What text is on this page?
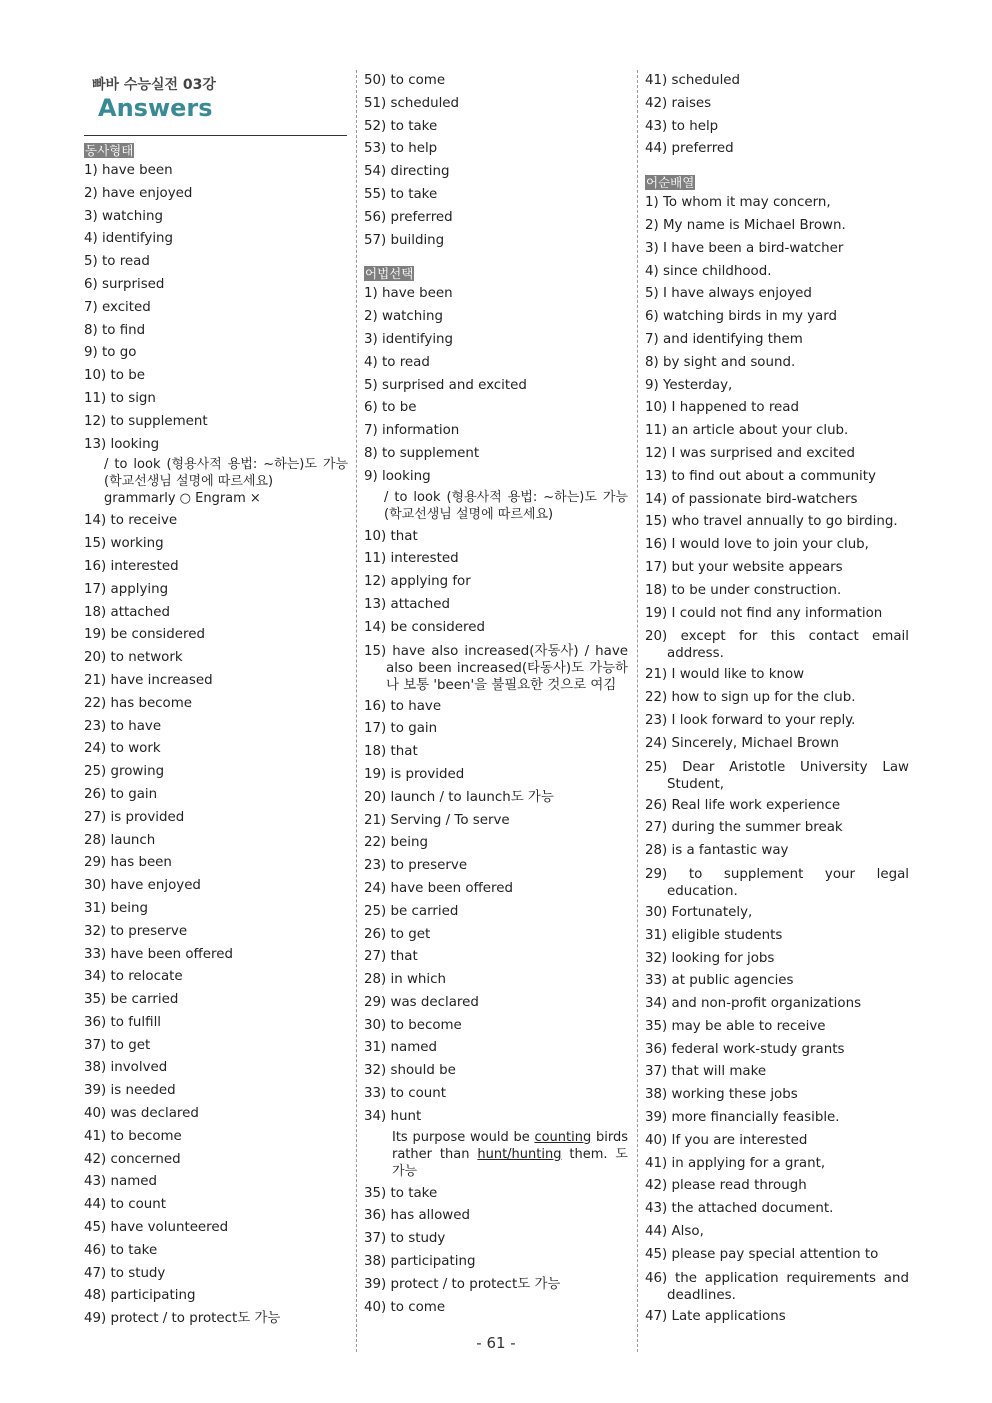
빠바 수능실전 03강
Answers
동사형태
1) have been
2) have enjoyed
3) watching
4) identifying
5) to read
6) surprised
7) excited
8) to find
9) to go
10) to be
11) to sign
12) to supplement
13) looking
/ to look (형용사적 용법: ~하는)도 가능 (학교선생님 설명에 따르세요)
grammarly ○ Engram ×
14) to receive
15) working
16) interested
17) applying
18) attached
19) be considered
20) to network
21) have increased
22) has become
23) to have
24) to work
25) growing
26) to gain
27) is provided
28) launch
29) has been
30) have enjoyed
31) being
32) to preserve
33) have been offered
34) to relocate
35) be carried
36) to fulfill
37) to get
38) involved
39) is needed
40) was declared
41) to become
42) concerned
43) named
44) to count
45) have volunteered
46) to take
47) to study
48) participating
49) protect / to protect도 가능
50) to come
51) scheduled
52) to take
53) to help
54) directing
55) to take
56) preferred
57) building
어법선택
1) have been
2) watching
3) identifying
4) to read
5) surprised and excited
6) to be
7) information
8) to supplement
9) looking
/ to look (형용사적 용법: ~하는)도 가능 (학교선생님 설명에 따르세요)
10) that
11) interested
12) applying for
13) attached
14) be considered
15) have also increased(자동사) / have also been increased(타동사)도 가능하나 보통 'been'을 불필요한 것으로 여김
16) to have
17) to gain
18) that
19) is provided
20) launch / to launch도 가능
21) Serving / To serve
22) being
23) to preserve
24) have been offered
25) be carried
26) to get
27) that
28) in which
29) was declared
30) to become
31) named
32) should be
33) to count
34) hunt
Its purpose would be counting birds rather than hunt/hunting them. 도 가능
35) to take
36) has allowed
37) to study
38) participating
39) protect / to protect도 가능
40) to come
41) scheduled
42) raises
43) to help
44) preferred
어순배열
1) To whom it may concern,
2) My name is Michael Brown.
3) I have been a bird-watcher
4) since childhood.
5) I have always enjoyed
6) watching birds in my yard
7) and identifying them
8) by sight and sound.
9) Yesterday,
10) I happened to read
11) an article about your club.
12) I was surprised and excited
13) to find out about a community
14) of passionate bird-watchers
15) who travel annually to go birding.
16) I would love to join your club,
17) but your website appears
18) to be under construction.
19) I could not find any information
20) except for this contact email address.
21) I would like to know
22) how to sign up for the club.
23) I look forward to your reply.
24) Sincerely, Michael Brown
25) Dear Aristotle University Law Student,
26) Real life work experience
27) during the summer break
28) is a fantastic way
29) to supplement your legal education.
30) Fortunately,
31) eligible students
32) looking for jobs
33) at public agencies
34) and non-profit organizations
35) may be able to receive
36) federal work-study grants
37) that will make
38) working these jobs
39) more financially feasible.
40) If you are interested
41) in applying for a grant,
42) please read through
43) the attached document.
44) Also,
45) please pay special attention to
46) the application requirements and deadlines.
47) Late applications
- 61 -
